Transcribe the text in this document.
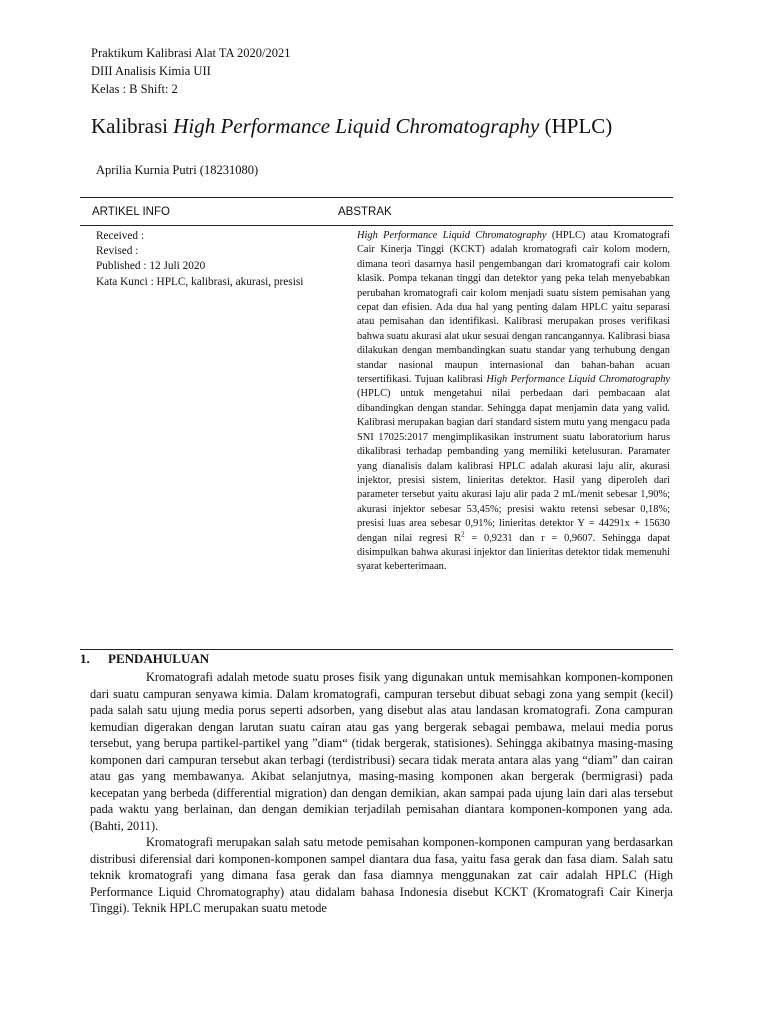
Praktikum Kalibrasi Alat TA 2020/2021
DIII Analisis Kimia UII
Kelas : B Shift: 2
Kalibrasi High Performance Liquid Chromatography (HPLC)
Aprilia Kurnia Putri (18231080)
ARTIKEL INFO	ABSTRAK
Received :
Revised :
Published : 12 Juli 2020
Kata Kunci : HPLC, kalibrasi, akurasi, presisi

High Performance Liquid Chromatography (HPLC) atau Kromatografi Cair Kinerja Tinggi (KCKT) adalah kromatografi cair kolom modern, dimana teori dasarnya hasil pengembangan dari kromatografi cair kolom klasik. Pompa tekanan tinggi dan detektor yang peka telah menyebabkan perubahan kromatografi cair kolom menjadi suatu sistem pemisahan yang cepat dan efisien. Ada dua hal yang penting dalam HPLC yaitu separasi atau pemisahan dan identifikasi. Kalibrasi merupakan proses verifikasi bahwa suatu akurasi alat ukur sesuai dengan rancangannya. Kalibrasi biasa dilakukan dengan membandingkan suatu standar yang terhubung dengan standar nasional maupun internasional dan bahan-bahan acuan tersertifikasi. Tujuan kalibrasi High Performance Liquid Chromatography (HPLC) untuk mengetahui nilai perbedaan dari pembacaan alat dibandingkan dengan standar. Sehingga dapat menjamin data yang valid. Kalibrasi merupakan bagian dari standard sistem mutu yang mengacu pada SNI 17025:2017 mengimplikasikan instrument suatu laboratorium harus dikalibrasi terhadap pembanding yang memiliki ketelusuran. Paramater yang dianalisis dalam kalibrasi HPLC adalah akurasi laju alir, akurasi injektor, presisi sistem, linieritas detektor. Hasil yang diperoleh dari parameter tersebut yaitu akurasi laju alir pada 2 mL/menit sebesar 1,90%; akurasi injektor sebesar 53,45%; presisi waktu retensi sebesar 0,18%; presisi luas area sebesar 0,91%; linieritas detektor Y = 44291x + 15630 dengan nilai regresi $R^2 = 0,9231$ dan r = 0,9607. Sehingga dapat disimpulkan bahwa akurasi injektor dan linieritas detektor tidak memenuhi syarat keberterimaan.

1. PENDAHULUAN

Kromatografi adalah metode suatu proses fisik yang digunakan untuk memisahkan komponen-komponen dari suatu campuran senyawa kimia. Dalam kromatografi, campuran tersebut dibuat sebagi zona yang sempit (kecil) pada salah satu ujung media porus seperti adsorben, yang disebut alas atau landasan kromatografi. Zona campuran kemudian digerakan dengan larutan suatu cairan atau gas yang bergerak sebagai pembawa, melaui media porus tersebut, yang berupa partikel-partikel yang ”diam“ (tidak bergerak, statisiones). Sehingga akibatnya masing-masing komponen dari campuran tersebut akan terbagi (terdistribusi) secara tidak merata antara alas yang “diam” dan cairan atau gas yang membawanya. Akibat selanjutnya, masing-masing komponen akan bergerak (bermigrasi) pada kecepatan yang berbeda (differential migration) dan dengan demikian, akan sampai pada ujung lain dari alas tersebut pada waktu yang berlainan, dan dengan demikian terjadilah pemisahan diantara komponen-komponen yang ada. (Bahti, 2011).

Kromatografi merupakan salah satu metode pemisahan komponen-komponen campuran yang berdasarkan distribusi diferensial dari komponen-komponen sampel diantara dua fasa, yaitu fasa gerak dan fasa diam. Salah satu teknik kromatografi yang dimana fasa gerak dan fasa diamnya menggunakan zat cair adalah HPLC (High Performance Liquid Chromatography) atau didalam bahasa Indonesia disebut KCKT (Kromatografi Cair Kinerja Tinggi). Teknik HPLC merupakan suatu metode
